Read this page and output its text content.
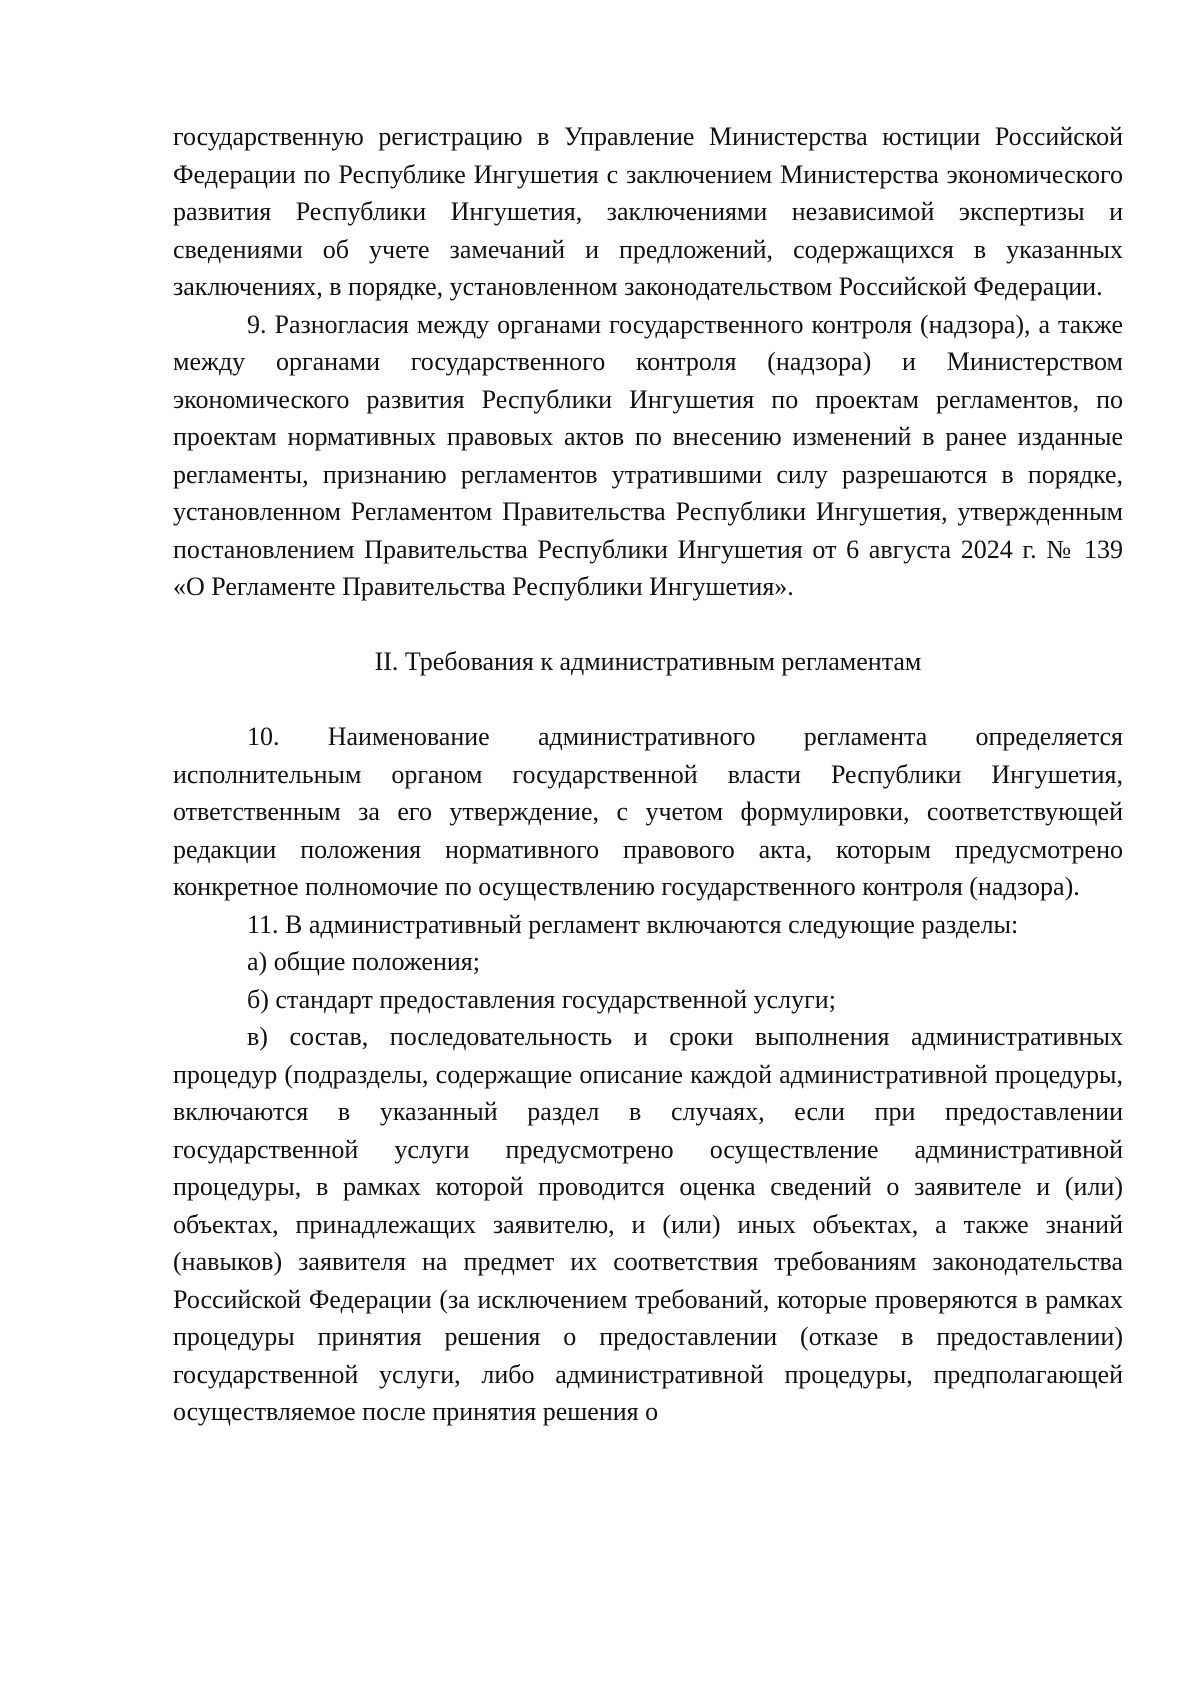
государственную регистрацию в Управление Министерства юстиции Российской Федерации по Республике Ингушетия с заключением Министерства экономического развития Республики Ингушетия, заключениями независимой экспертизы и сведениями об учете замечаний и предложений, содержащихся в указанных заключениях, в порядке, установленном законодательством Российской Федерации.

9. Разногласия между органами государственного контроля (надзора), а также между органами государственного контроля (надзора) и Министерством экономического развития Республики Ингушетия по проектам регламентов, по проектам нормативных правовых актов по внесению изменений в ранее изданные регламенты, признанию регламентов утратившими силу разрешаются в порядке, установленном Регламентом Правительства Республики Ингушетия, утвержденным постановлением Правительства Республики Ингушетия от 6 августа 2024 г. № 139 «О Регламенте Правительства Республики Ингушетия».

II. Требования к административным регламентам

10. Наименование административного регламента определяется исполнительным органом государственной власти Республики Ингушетия, ответственным за его утверждение, с учетом формулировки, соответствующей редакции положения нормативного правового акта, которым предусмотрено конкретное полномочие по осуществлению государственного контроля (надзора).

11. В административный регламент включаются следующие разделы:

а) общие положения;

б) стандарт предоставления государственной услуги;

в) состав, последовательность и сроки выполнения административных процедур (подразделы, содержащие описание каждой административной процедуры, включаются в указанный раздел в случаях, если при предоставлении государственной услуги предусмотрено осуществление административной процедуры, в рамках которой проводится оценка сведений о заявителе и (или) объектах, принадлежащих заявителю, и (или) иных объектах, а также знаний (навыков) заявителя на предмет их соответствия требованиям законодательства Российской Федерации (за исключением требований, которые проверяются в рамках процедуры принятия решения о предоставлении (отказе в предоставлении) государственной услуги, либо административной процедуры, предполагающей осуществляемое после принятия решения о
